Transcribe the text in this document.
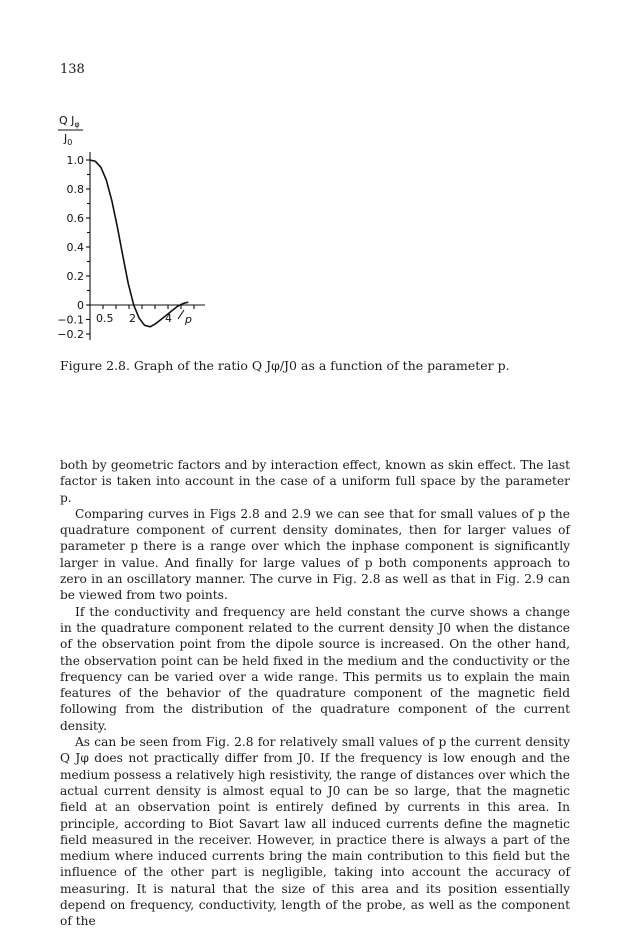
138
Q $J_\varphi$
$J_0$
1.0
0.8
0.6
0.4
0.2
0
−0.1
−0.2
0.5 2	4 p
Figure 2.8. Graph of the ratio Q Jφ/J0 as a function of the parameter p.

both by geometric factors and by interaction effect, known as skin effect. The last factor is taken into account in the case of a uniform full space by the parameter p.

Comparing curves in Figs 2.8 and 2.9 we can see that for small values of p the quadrature component of current density dominates, then for larger values of parameter p there is a range over which the inphase component is significantly larger in value. And finally for large values of p both components approach to zero in an oscillatory manner. The curve in Fig. 2.8 as well as that in Fig. 2.9 can be viewed from two points.

If the conductivity and frequency are held constant the curve shows a change in the quadrature component related to the current density J0 when the distance of the observation point from the dipole source is increased. On the other hand, the observation point can be held fixed in the medium and the conductivity or the frequency can be varied over a wide range. This permits us to explain the main features of the behavior of the quadrature component of the magnetic field following from the distribution of the quadrature component of the current density.

As can be seen from Fig. 2.8 for relatively small values of p the current density Q Jφ does not practically differ from J0. If the frequency is low enough and the medium possess a relatively high resistivity, the range of distances over which the actual current density is almost equal to J0 can be so large, that the magnetic field at an observation point is entirely defined by currents in this area. In principle, according to Biot Savart law all induced currents define the magnetic field measured in the receiver. However, in practice there is always a part of the medium where induced currents bring the main contribution to this field but the influence of the other part is negligible, taking into account the accuracy of measuring. It is natural that the size of this area and its position essentially depend on frequency, conductivity, length of the probe, as well as the component of the
